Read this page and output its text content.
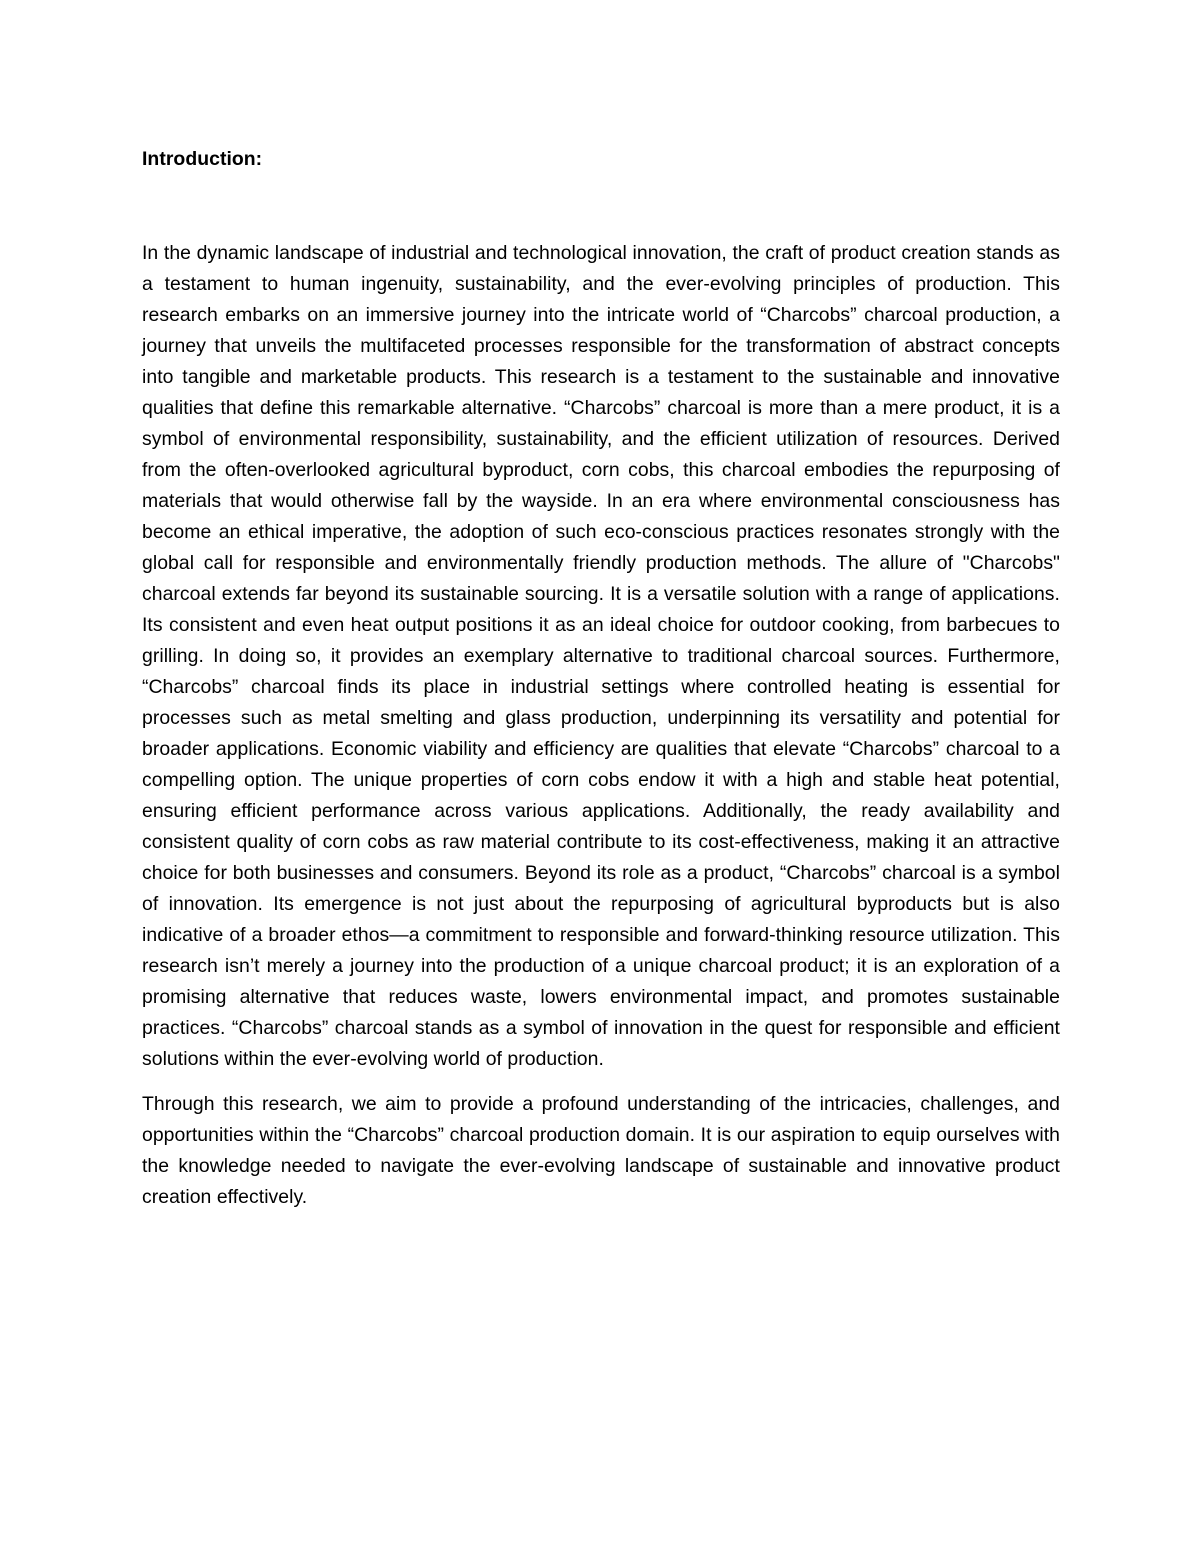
Introduction:

In the dynamic landscape of industrial and technological innovation, the craft of product creation stands as a testament to human ingenuity, sustainability, and the ever-evolving principles of production. This research embarks on an immersive journey into the intricate world of “Charcobs” charcoal production, a journey that unveils the multifaceted processes responsible for the transformation of abstract concepts into tangible and marketable products. This research is a testament to the sustainable and innovative qualities that define this remarkable alternative. “Charcobs” charcoal is more than a mere product, it is a symbol of environmental responsibility, sustainability, and the efficient utilization of resources. Derived from the often-overlooked agricultural byproduct, corn cobs, this charcoal embodies the repurposing of materials that would otherwise fall by the wayside. In an era where environmental consciousness has become an ethical imperative, the adoption of such eco-conscious practices resonates strongly with the global call for responsible and environmentally friendly production methods. The allure of "Charcobs" charcoal extends far beyond its sustainable sourcing. It is a versatile solution with a range of applications. Its consistent and even heat output positions it as an ideal choice for outdoor cooking, from barbecues to grilling. In doing so, it provides an exemplary alternative to traditional charcoal sources. Furthermore, “Charcobs” charcoal finds its place in industrial settings where controlled heating is essential for processes such as metal smelting and glass production, underpinning its versatility and potential for broader applications. Economic viability and efficiency are qualities that elevate “Charcobs” charcoal to a compelling option. The unique properties of corn cobs endow it with a high and stable heat potential, ensuring efficient performance across various applications. Additionally, the ready availability and consistent quality of corn cobs as raw material contribute to its cost-effectiveness, making it an attractive choice for both businesses and consumers. Beyond its role as a product, “Charcobs” charcoal is a symbol of innovation. Its emergence is not just about the repurposing of agricultural byproducts but is also indicative of a broader ethos—a commitment to responsible and forward-thinking resource utilization. This research isn’t merely a journey into the production of a unique charcoal product; it is an exploration of a promising alternative that reduces waste, lowers environmental impact, and promotes sustainable practices. “Charcobs” charcoal stands as a symbol of innovation in the quest for responsible and efficient solutions within the ever-evolving world of production.

Through this research, we aim to provide a profound understanding of the intricacies, challenges, and opportunities within the “Charcobs” charcoal production domain. It is our aspiration to equip ourselves with the knowledge needed to navigate the ever-evolving landscape of sustainable and innovative product creation effectively.
